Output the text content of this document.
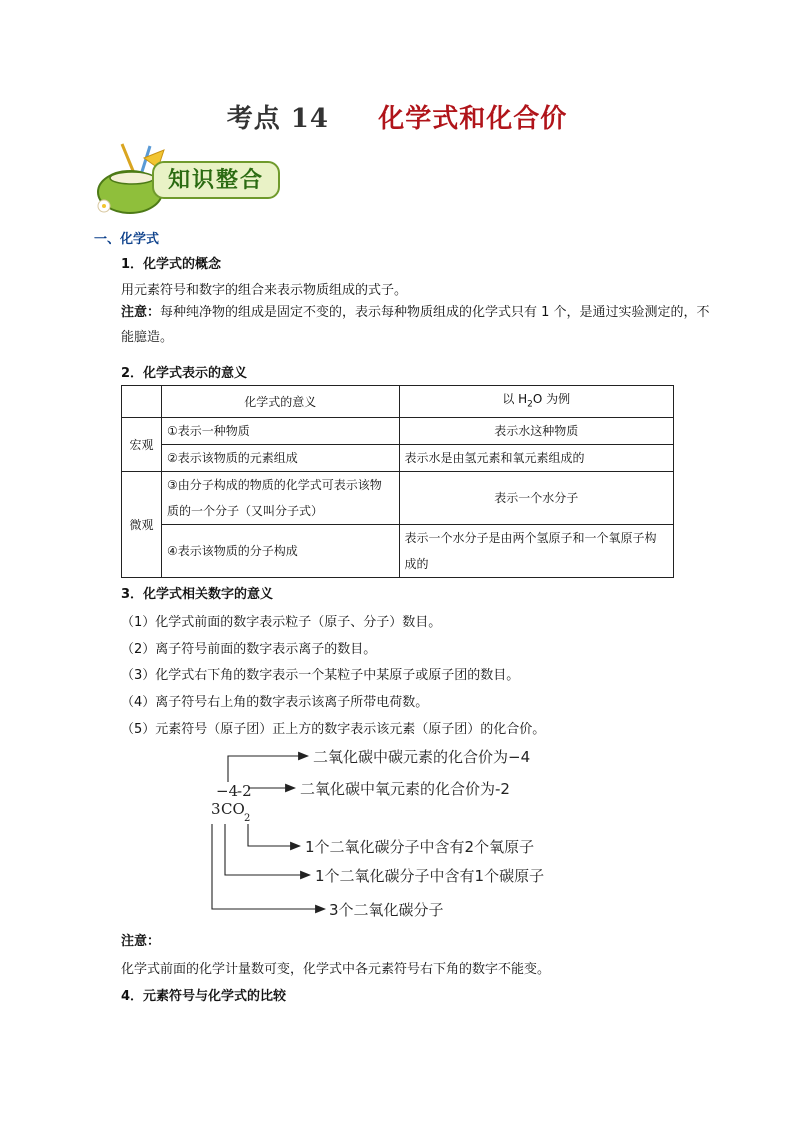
考点 14 化学式和化合价
知识整合
一、化学式
1．化学式的概念
用元素符号和数字的组合来表示物质组成的式子。
注意：每种纯净物的组成是固定不变的，表示每种物质组成的化学式只有 1 个，是通过实验测定的，不能臆造。
2．化学式表示的意义
	化学式的意义	以 $H_2O$ 为例
宏观	①表示一种物质	表示水这种物质
	②表示该物质的元素组成	表示水是由氢元素和氧元素组成的
微观	③由分子构成的物质的化学式可表示该物质的一个分子（又叫分子式）	表示一个水分子
	④表示该物质的分子构成	表示一个水分子是由两个氢原子和一个氧原子构成的
3．化学式相关数字的意义
（1）化学式前面的数字表示粒子（原子、分子）数目。
（2）离子符号前面的数字表示离子的数目。
（3）化学式右下角的数字表示一个某粒子中某原子或原子团的数目。
（4）离子符号右上角的数字表示该离子所带电荷数。
（5）元素符号（原子团）正上方的数字表示该元素（原子团）的化合价。
−4
-2
3 CO
2
二氧化碳中碳元素的化合价为−4
二氧化碳中氧元素的化合价为-2
1个二氧化碳分子中含有2个氧原子
1个二氧化碳分子中含有1个碳原子
3个二氧化碳分子
注意：
化学式前面的化学计量数可变，化学式中各元素符号右下角的数字不能变。
4．元素符号与化学式的比较
